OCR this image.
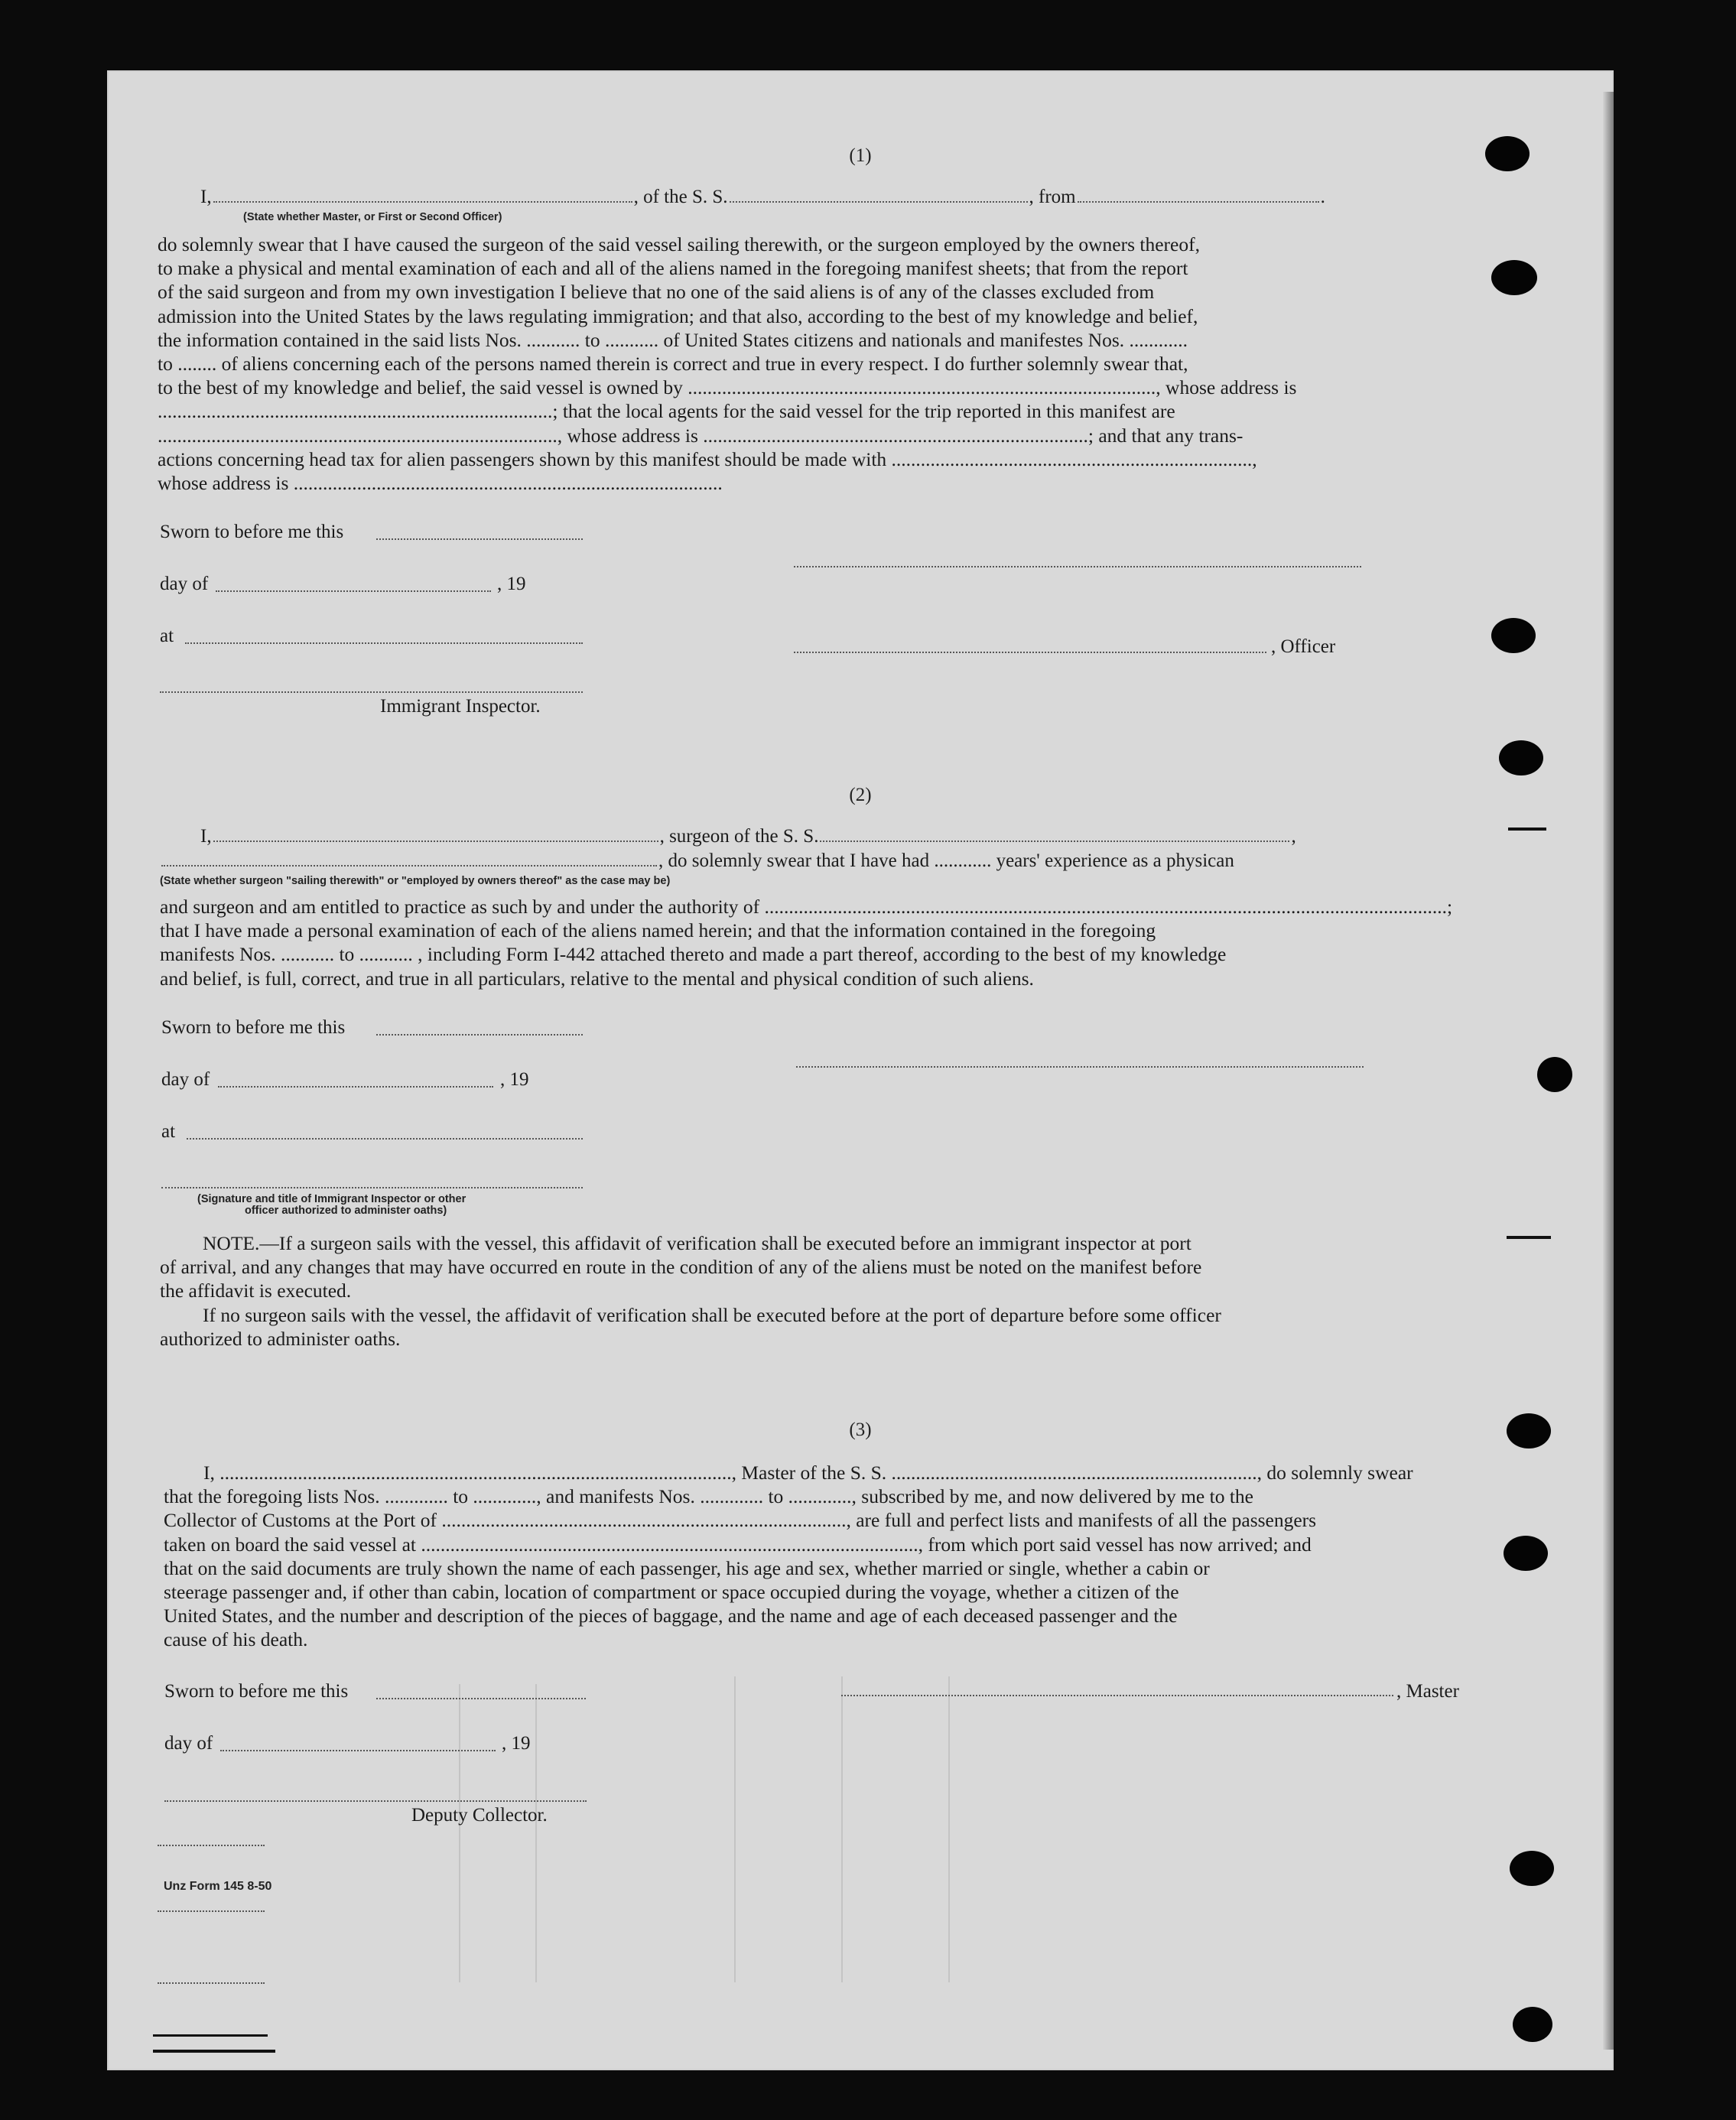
(1)
I,	, of the S. S.	, from	.
(State whether Master, or First or Second Officer)
do solemnly swear that I have caused the surgeon of the said vessel sailing therewith, or the surgeon employed by the owners thereof,
to make a physical and mental examination of each and all of the aliens named in the foregoing manifest sheets; that from the report
of the said surgeon and from my own investigation I believe that no one of the said aliens is of any of the classes excluded from
admission into the United States by the laws regulating immigration; and that also, according to the best of my knowledge and belief,
the information contained in the said lists Nos. ........... to ........... of United States citizens and nationals and manifestes Nos. ............
to ........ of aliens concerning each of the persons named therein is correct and true in every respect. I do further solemnly swear that,
to the best of my knowledge and belief, the said vessel is owned by ................................................................................................, whose address is
.................................................................................; that the local agents for the said vessel for the trip reported in this manifest are
.................................................................................., whose address is ...............................................................................; and that any trans-
actions concerning head tax for alien passengers shown by this manifest should be made with ..........................................................................,
whose address is ........................................................................................
Sworn to before me this
day of	, 19
at
, Officer
Immigrant Inspector.
(2)
I,	, surgeon of the S. S.	,
, do solemnly swear that I have had ............ years' experience as a physican
(State whether surgeon "sailing therewith" or "employed by owners thereof" as the case may be)
and surgeon and am entitled to practice as such by and under the authority of ............................................................................................................................................;
that I have made a personal examination of each of the aliens named herein; and that the information contained in the foregoing
manifests Nos. ........... to ........... , including Form I-442 attached thereto and made a part thereof, according to the best of my knowledge
and belief, is full, correct, and true in all particulars, relative to the mental and physical condition of such aliens.
Sworn to before me this
day of	, 19
at
(Signature and title of Immigrant Inspector or other
officer authorized to administer oaths)
NOTE.—If a surgeon sails with the vessel, this affidavit of verification shall be executed before an immigrant inspector at port
of arrival, and any changes that may have occurred en route in the condition of any of the aliens must be noted on the manifest before
the affidavit is executed.
If no surgeon sails with the vessel, the affidavit of verification shall be executed before at the port of departure before some officer
authorized to administer oaths.
(3)
I, ........................................................................................................., Master of the S. S. ..........................................................................., do solemnly swear
that the foregoing lists Nos. ............. to ............., and manifests Nos. ............. to ............., subscribed by me, and now delivered by me to the
Collector of Customs at the Port of ..................................................................................., are full and perfect lists and manifests of all the passengers
taken on board the said vessel at ......................................................................................................, from which port said vessel has now arrived; and
that on the said documents are truly shown the name of each passenger, his age and sex, whether married or single, whether a cabin or
steerage passenger and, if other than cabin, location of compartment or space occupied during the voyage, whether a citizen of the
United States, and the number and description of the pieces of baggage, and the name and age of each deceased passenger and the
cause of his death.
Sworn to before me this	, Master
day of	, 19
Deputy Collector.
Unz Form 145 8-50
